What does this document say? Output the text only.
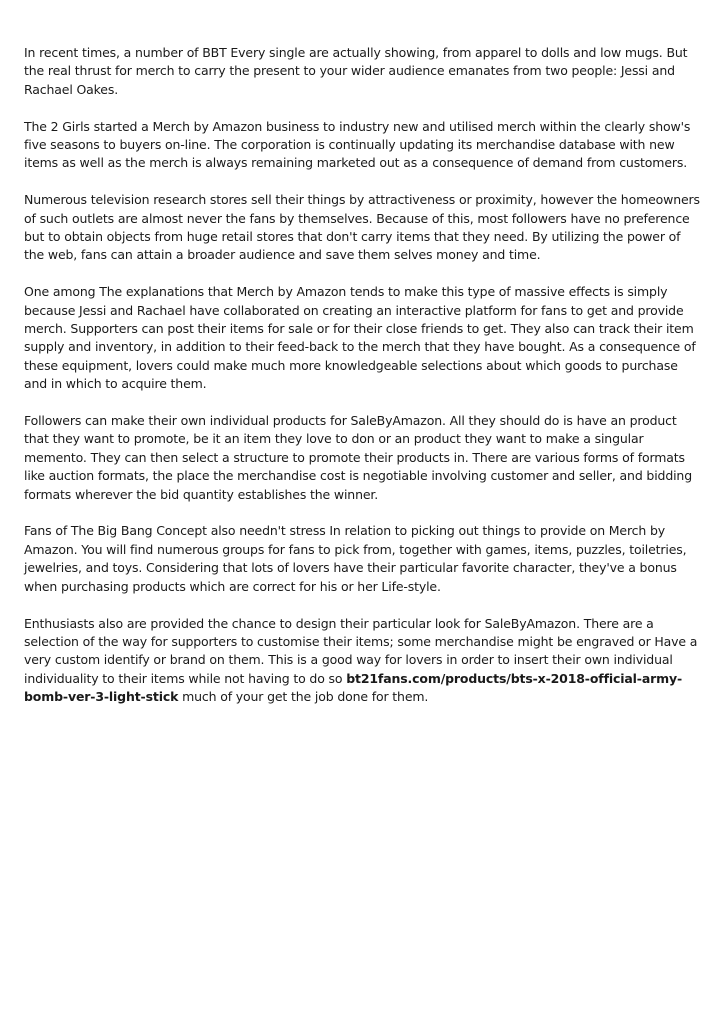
In recent times, a number of BBT Every single are actually showing, from apparel to dolls and low mugs. But the real thrust for merch to carry the present to your wider audience emanates from two people: Jessi and Rachael Oakes.

The 2 Girls started a Merch by Amazon business to industry new and utilised merch within the clearly show's five seasons to buyers on-line. The corporation is continually updating its merchandise database with new items as well as the merch is always remaining marketed out as a consequence of demand from customers.

Numerous television research stores sell their things by attractiveness or proximity, however the homeowners of such outlets are almost never the fans by themselves. Because of this, most followers have no preference but to obtain objects from huge retail stores that don't carry items that they need. By utilizing the power of the web, fans can attain a broader audience and save them selves money and time.

One among The explanations that Merch by Amazon tends to make this type of massive effects is simply because Jessi and Rachael have collaborated on creating an interactive platform for fans to get and provide merch. Supporters can post their items for sale or for their close friends to get. They also can track their item supply and inventory, in addition to their feed-back to the merch that they have bought. As a consequence of these equipment, lovers could make much more knowledgeable selections about which goods to purchase and in which to acquire them.

Followers can make their own individual products for SaleByAmazon. All they should do is have an product that they want to promote, be it an item they love to don or an product they want to make a singular memento. They can then select a structure to promote their products in. There are various forms of formats like auction formats, the place the merchandise cost is negotiable involving customer and seller, and bidding formats wherever the bid quantity establishes the winner.

Fans of The Big Bang Concept also needn't stress In relation to picking out things to provide on Merch by Amazon. You will find numerous groups for fans to pick from, together with games, items, puzzles, toiletries, jewelries, and toys. Considering that lots of lovers have their particular favorite character, they've a bonus when purchasing products which are correct for his or her Life-style.

Enthusiasts also are provided the chance to design their particular look for SaleByAmazon. There are a selection of the way for supporters to customise their items; some merchandise might be engraved or Have a very custom identify or brand on them. This is a good way for lovers in order to insert their own individual individuality to their items while not having to do so bt21fans.com/products/bts-x-2018-official-army-bomb-ver-3-light-stick much of your get the job done for them.
